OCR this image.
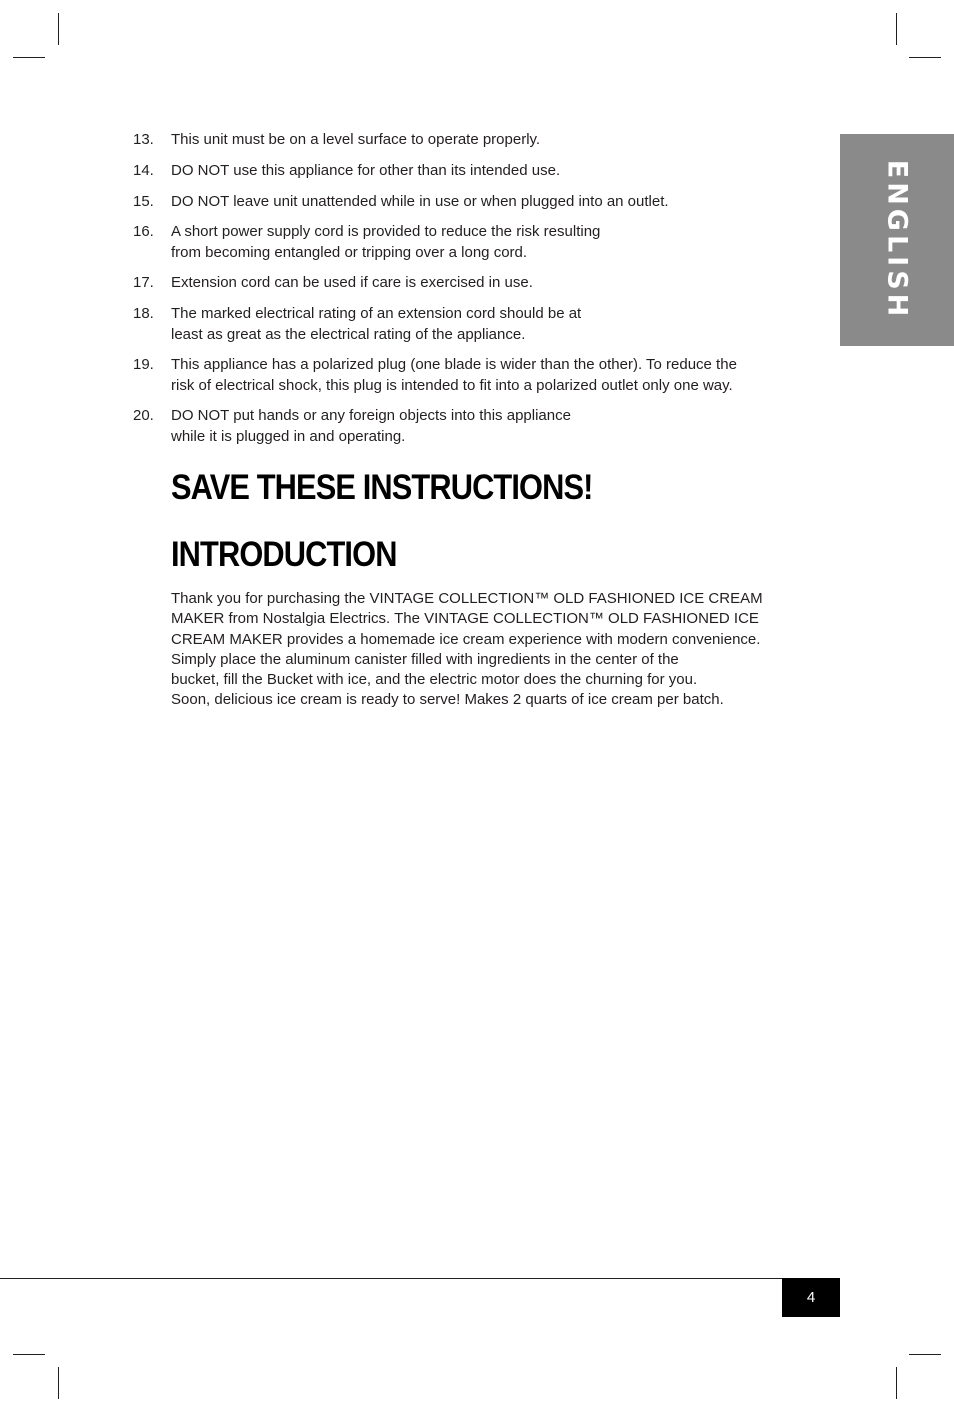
ENGLISH
13.	This unit must be on a level surface to operate properly.
14.	DO NOT use this appliance for other than its intended use.
15.	DO NOT leave unit unattended while in use or when plugged into an outlet.
16.	A short power supply cord is provided to reduce the risk resulting
from becoming entangled or tripping over a long cord.
17.	Extension cord can be used if care is exercised in use.
18.	The marked electrical rating of an extension cord should be at
least as great as the electrical rating of the appliance.
19.	This appliance has a polarized plug (one blade is wider than the other). To reduce the
risk of electrical shock, this plug is intended to fit into a polarized outlet only one way.
20.	DO NOT put hands or any foreign objects into this appliance
while it is plugged in and operating.
SAVE THESE INSTRUCTIONS!
INTRODUCTION

Thank you for purchasing the VINTAGE COLLECTION™ OLD FASHIONED ICE CREAM
MAKER from Nostalgia Electrics. The VINTAGE COLLECTION™ OLD FASHIONED ICE
CREAM MAKER provides a homemade ice cream experience with modern convenience.
Simply place the aluminum canister filled with ingredients in the center of the
bucket, fill the Bucket with ice, and the electric motor does the churning for you.
Soon, delicious ice cream is ready to serve! Makes 2 quarts of ice cream per batch.

4
